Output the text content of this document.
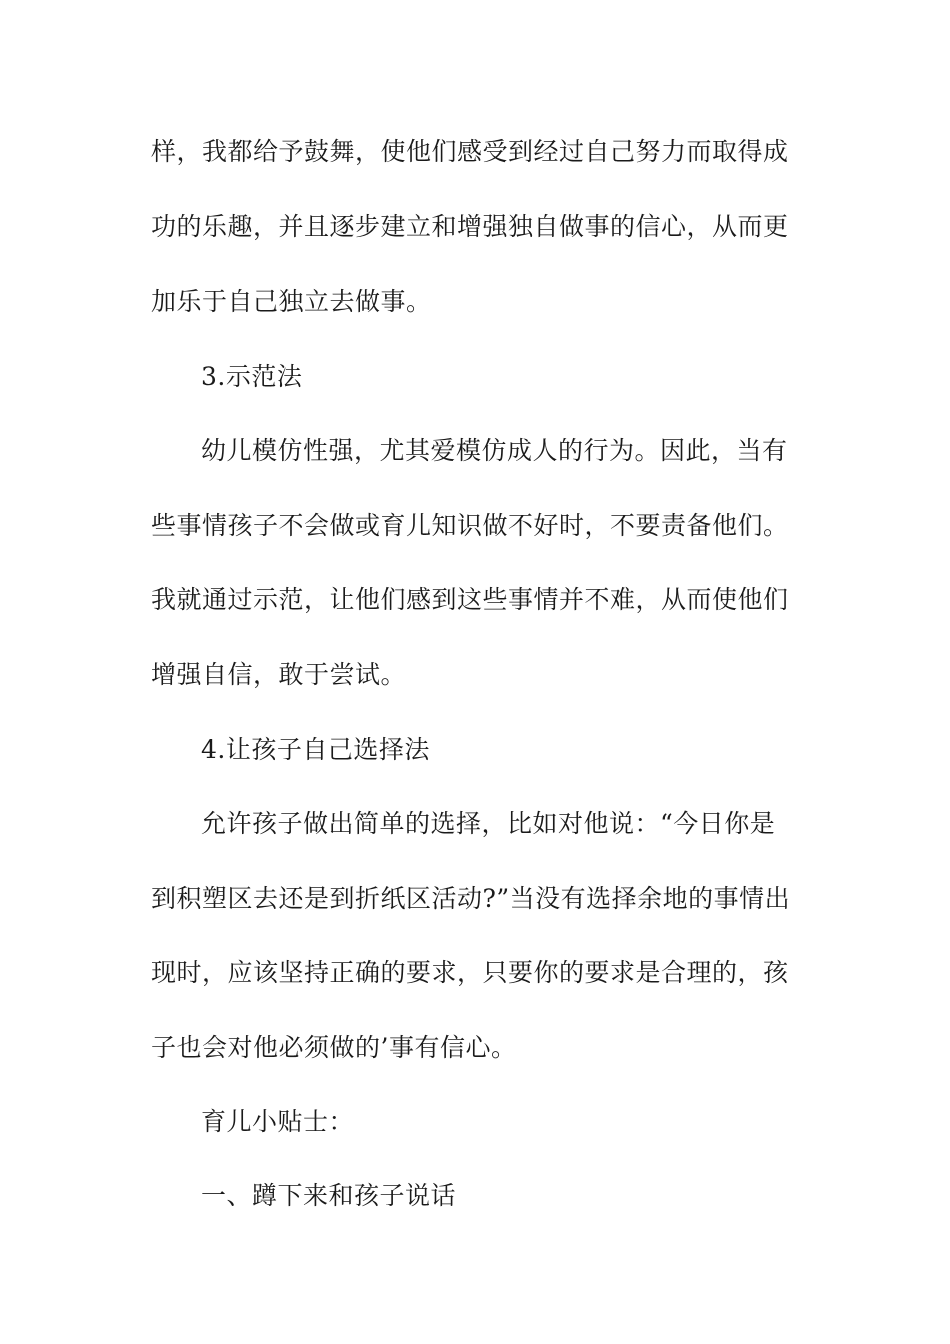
样，我都给予鼓舞，使他们感受到经过自己努力而取得成

功的乐趣，并且逐步建立和增强独自做事的信心，从而更

加乐于自己独立去做事。

3.示范法

幼儿模仿性强，尤其爱模仿成人的行为。因此，当有

些事情孩子不会做或育儿知识做不好时，不要责备他们。

我就通过示范，让他们感到这些事情并不难，从而使他们

增强自信，敢于尝试。

4.让孩子自己选择法

允许孩子做出简单的选择，比如对他说：“今日你是

到积塑区去还是到折纸区活动?”当没有选择余地的事情出

现时，应该坚持正确的要求，只要你的要求是合理的，孩

子也会对他必须做的’事有信心。

育儿小贴士：

一、蹲下来和孩子说话
